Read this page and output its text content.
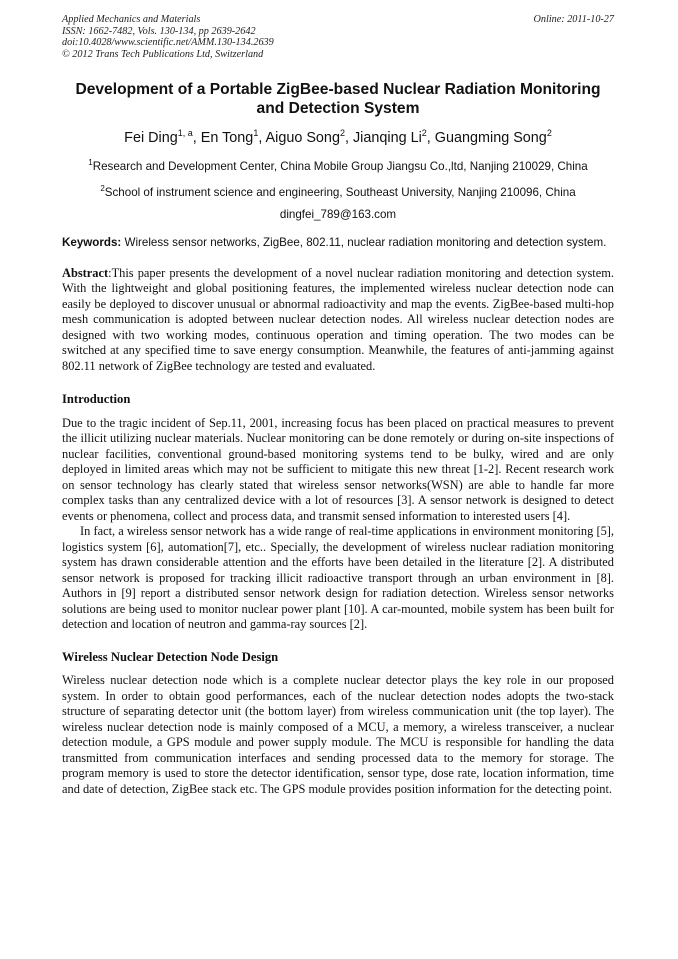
Applied Mechanics and Materials
ISSN: 1662-7482, Vols. 130-134, pp 2639-2642
doi:10.4028/www.scientific.net/AMM.130-134.2639
© 2012 Trans Tech Publications Ltd, Switzerland
Online: 2011-10-27
Development of a Portable ZigBee-based Nuclear Radiation Monitoring and Detection System
Fei Ding$^{1, a}$, En Tong$^1$, Aiguo Song$^2$, Jianqing Li$^2$, Guangming Song$^2$
$^1$Research and Development Center, China Mobile Group Jiangsu Co.,ltd, Nanjing 210029, China
$^2$School of instrument science and engineering, Southeast University, Nanjing 210096, China
dingfei_789@163.com
Keywords: Wireless sensor networks, ZigBee, 802.11, nuclear radiation monitoring and detection system.

Abstract:This paper presents the development of a novel nuclear radiation monitoring and detection system. With the lightweight and global positioning features, the implemented wireless nuclear detection node can easily be deployed to discover unusual or abnormal radioactivity and map the events. ZigBee-based multi-hop mesh communication is adopted between nuclear detection nodes. All wireless nuclear detection nodes are designed with two working modes, continuous operation and timing operation. The two modes can be switched at any specified time to save energy consumption. Meanwhile, the features of anti-jamming against 802.11 network of ZigBee technology are tested and evaluated.

Introduction

Due to the tragic incident of Sep.11, 2001, increasing focus has been placed on practical measures to prevent the illicit utilizing nuclear materials. Nuclear monitoring can be done remotely or during on-site inspections of nuclear facilities, conventional ground-based monitoring systems tend to be bulky, wired and are only deployed in limited areas which may not be sufficient to mitigate this new threat [1-2]. Recent research work on sensor technology has clearly stated that wireless sensor networks(WSN) are able to handle far more complex tasks than any centralized device with a lot of resources [3]. A sensor network is designed to detect events or phenomena, collect and process data, and transmit sensed information to interested users [4].

In fact, a wireless sensor network has a wide range of real-time applications in environment monitoring [5], logistics system [6], automation[7], etc.. Specially, the development of wireless nuclear radiation monitoring system has drawn considerable attention and the efforts have been detailed in the literature [2]. A distributed sensor network is proposed for tracking illicit radioactive transport through an urban environment in [8]. Authors in [9] report a distributed sensor network design for radiation detection. Wireless sensor networks solutions are being used to monitor nuclear power plant [10]. A car-mounted, mobile system has been built for detection and location of neutron and gamma-ray sources [2].

Wireless Nuclear Detection Node Design

Wireless nuclear detection node which is a complete nuclear detector plays the key role in our proposed system. In order to obtain good performances, each of the nuclear detection nodes adopts the two-stack structure of separating detector unit (the bottom layer) from wireless communication unit (the top layer). The wireless nuclear detection node is mainly composed of a MCU, a memory, a wireless transceiver, a nuclear detection module, a GPS module and power supply module. The MCU is responsible for handling the data transmitted from communication interfaces and sending processed data to the memory for storage. The program memory is used to store the detector identification, sensor type, dose rate, location information, time and date of detection, ZigBee stack etc. The GPS module provides position information for the detecting point.
